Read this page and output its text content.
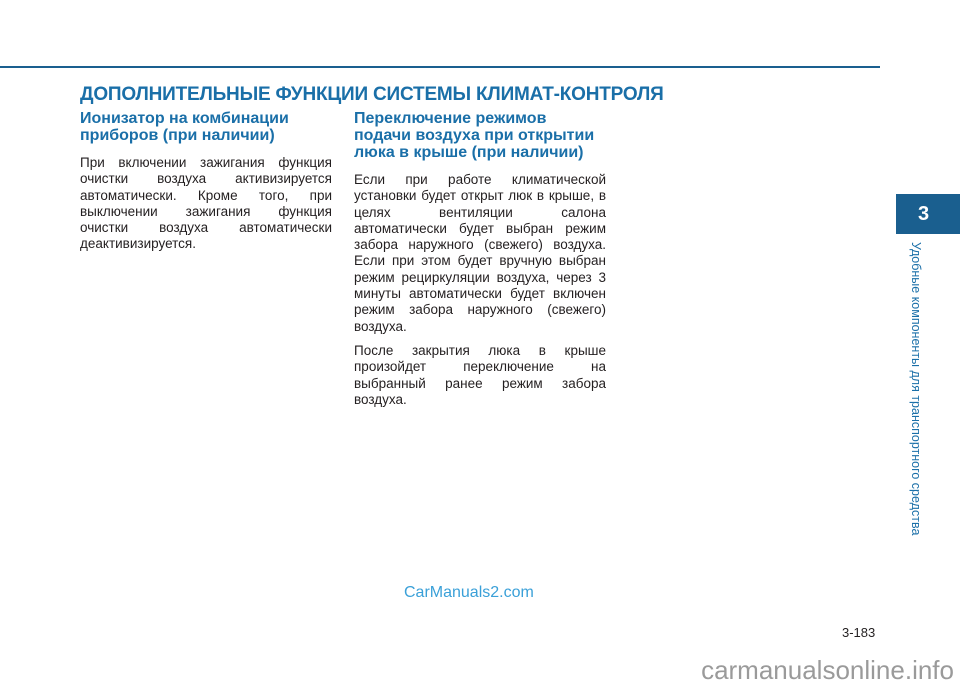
ДОПОЛНИТЕЛЬНЫЕ ФУНКЦИИ СИСТЕМЫ КЛИМАТ-КОНТРОЛЯ
Ионизатор на комбинации приборов (при наличии)

При включении зажигания функция очистки воздуха активизируется автоматически. Кроме того, при выключении зажигания функция очистки воздуха автоматически деактивизируется.

Переключение режимов подачи воздуха при открытии люка в крыше (при наличии)

Если при работе климатической установки будет открыт люк в крыше, в целях вентиляции салона автоматически будет выбран режим забора наружного (свежего) воздуха. Если при этом будет вручную выбран режим рециркуляции воздуха, через 3 минуты автоматически будет включен режим забора наружного (свежего) воздуха.

После закрытия люка в крыше произойдет переключение на выбранный ранее режим забора воздуха.

3
Удобные компоненты для транспортного средства
CarManuals2.com
3-183
carmanualsonline.info
